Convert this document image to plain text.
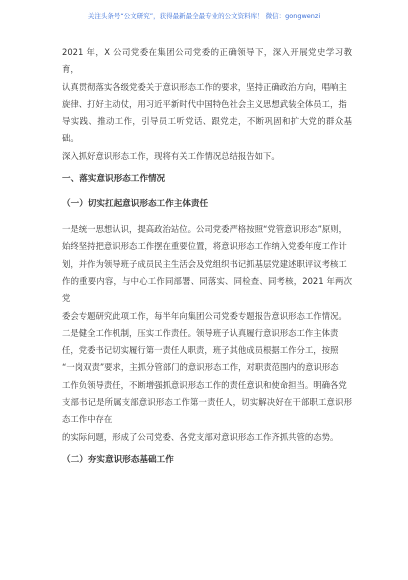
关注头条号“公文研究”，获得最新最全最专业的公文资料库！ 微信：gongwenzi

2021 年，X 公司党委在集团公司党委的正确领导下，深入开展党史学习教育，

认真贯彻落实各级党委关于意识形态工作的要求，坚持正确政治方向，唱响主

旋律、打好主动仗，用习近平新时代中国特色社会主义思想武装全体员工，指

导实践、推动工作，引导员工听党话、跟党走，不断巩固和扩大党的群众基础。

深入抓好意识形态工作，现将有关工作情况总结报告如下。

一、落实意识形态工作情况
（一）切实扛起意识形态工作主体责任

一是统一思想认识，提高政治站位。公司党委严格按照“党管意识形态”原则，

始终坚持把意识形态工作摆在重要位置，将意识形态工作纳入党委年度工作计

划，并作为领导班子成员民主生活会及党组织书记抓基层党建述职评议考核工

作的重要内容，与中心工作同部署、同落实、同检查、同考核，2021 年两次党

委会专题研究此项工作，每半年向集团公司党委专题报告意识形态工作情况。

二是健全工作机制，压实工作责任。领导班子认真履行意识形态工作主体责

任，党委书记切实履行第一责任人职责，班子其他成员根据工作分工，按照

“一岗双责”要求，主抓分管部门的意识形态工作，对职责范围内的意识形态

工作负领导责任，不断增强抓意识形态工作的责任意识和使命担当。明确各党

支部书记是所属支部意识形态工作第一责任人，切实解决好在干部职工意识形态工作中存在

的实际问题，形成了公司党委、各党支部对意识形态工作齐抓共管的态势。

（二）夯实意识形态基础工作
